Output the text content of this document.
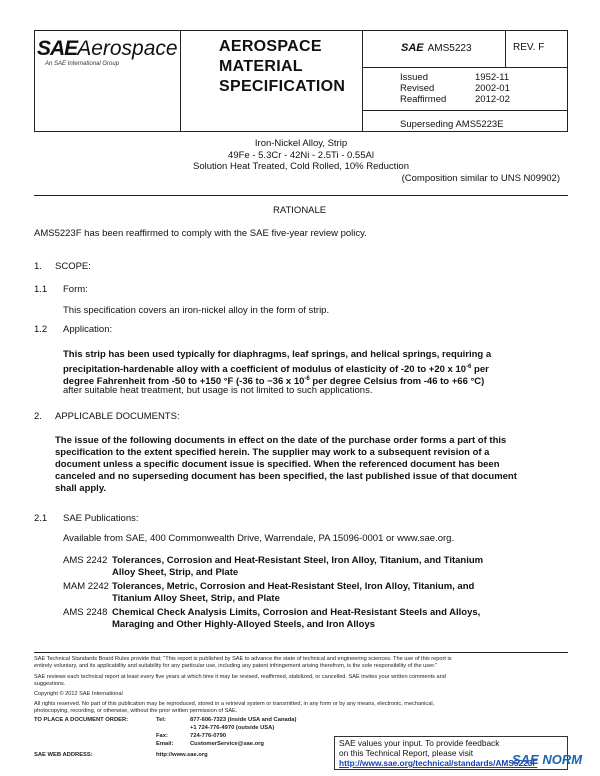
SAEAerospace
An SAE International Group
AEROSPACE
MATERIAL
SPECIFICATION
SAE AMS5223	REV. F
Issued	1952-11
Revised	2002-01
Reaffirmed	2012-02
Superseding AMS5223E
Iron-Nickel Alloy, Strip
49Fe - 5.3Cr - 42Ni - 2.5Ti - 0.55Al
Solution Heat Treated, Cold Rolled, 10% Reduction
(Composition similar to UNS N09902)
RATIONALE
AMS5223F has been reaffirmed to comply with the SAE five-year review policy.
1. SCOPE:
1.1 Form:
This specification covers an iron-nickel alloy in the form of strip.
1.2 Application:
This strip has been used typically for diaphragms, leaf springs, and helical springs, requiring a
precipitation-hardenable alloy with a coefficient of modulus of elasticity of -20 to +20 x $10^{-6}$ per
degree Fahrenheit from -50 to +150 °F (-36 to −36 x $10^{-6}$ per degree Celsius from -46 to +66 °C)
after suitable heat treatment, but usage is not limited to such applications.
2. APPLICABLE DOCUMENTS:
The issue of the following documents in effect on the date of the purchase order forms a part of this
specification to the extent specified herein. The supplier may work to a subsequent revision of a
document unless a specific document issue is specified. When the referenced document has been
canceled and no superseding document has been specified, the last published issue of that document
shall apply.
2.1 SAE Publications:
Available from SAE, 400 Commonwealth Drive, Warrendale, PA 15096-0001 or www.sae.org.
AMS 2242 Tolerances, Corrosion and Heat-Resistant Steel, Iron Alloy, Titanium, and Titanium
Alloy Sheet, Strip, and Plate
MAM 2242 Tolerances, Metric, Corrosion and Heat-Resistant Steel, Iron Alloy, Titanium, and
Titanium Alloy Sheet, Strip, and Plate
AMS 2248 Chemical Check Analysis Limits, Corrosion and Heat-Resistant Steels and Alloys,
Maraging and Other Highly-Alloyed Steels, and Iron Alloys
SAE Technical Standards Board Rules provide that: "This report is published by SAE to advance the state of technical and engineering sciences. The use of this report is
entirely voluntary, and its applicability and suitability for any particular use, including any patent infringement arising therefrom, is the sole responsibility of the user."
SAE reviews each technical report at least every five years at which time it may be revised, reaffirmed, stabilized, or cancelled. SAE invites your written comments and
suggestions.
Copyright © 2012 SAE International
All rights reserved. No part of this publication may be reproduced, stored in a retrieval system or transmitted, in any form or by any means, electronic, mechanical,
photocopying, recording, or otherwise, without the prior written permission of SAE.
TO PLACE A DOCUMENT ORDER:	Tel:	877-606-7323 (inside USA and Canada)
+1 724-776-4970 (outside USA)
Fax:	724-776-0790
Email:	CustomerService@sae.org
SAE WEB ADDRESS:	http://www.sae.org
SAE values your input. To provide feedback
on this Technical Report, please visit
http://www.sae.org/technical/standards/AMS5223F
SAE NORM
